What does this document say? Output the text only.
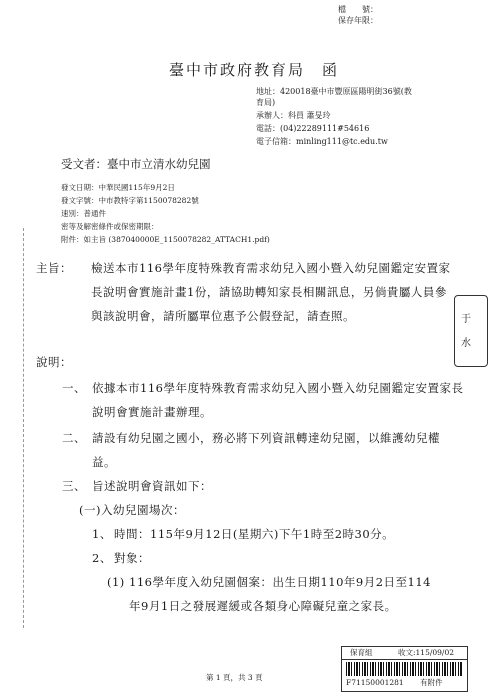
檔　　號：
保存年限：
臺中市政府教育局　函
地址：420018臺中市豐原區陽明街36號(教
育局)
承辦人：科員 蕭旻玲
電話：(04)22289111#54616
電子信箱：minling111@tc.edu.tw
受文者：臺中市立清水幼兒園
發文日期：中華民國115年9月2日
發文字號：中市教特字第1150078282號
速別：普通件
密等及解密條件或保密期限：
附件：如主旨 (387040000E_1150078282_ATTACH1.pdf)
主旨： 檢送本市116學年度特殊教育需求幼兒入國小暨入幼兒園鑑定安置家長說明會實施計畫1份，請協助轉知家長相關訊息，另倘貴屬人員參與該說明會，請所屬單位惠予公假登記，請查照。	于
水
說明：
一、 依據本市116學年度特殊教育需求幼兒入國小暨入幼兒園鑑定安置家長說明會實施計畫辦理。
二、 請設有幼兒園之國小，務必將下列資訊轉達幼兒園，以維護幼兒權益。
三、 旨述說明會資訊如下：
(一)入幼兒園場次：
1、 時間：115年9月12日(星期六)下午1時至2時30分。
2、 對象：
(1) 116學年度入幼兒園個案：出生日期110年9月2日至114年9月1日之發展遲緩或各類身心障礙兒童之家長。
第 1 頁，共 3 頁
保育組	收文:115/09/02
F71150001281 有附件
